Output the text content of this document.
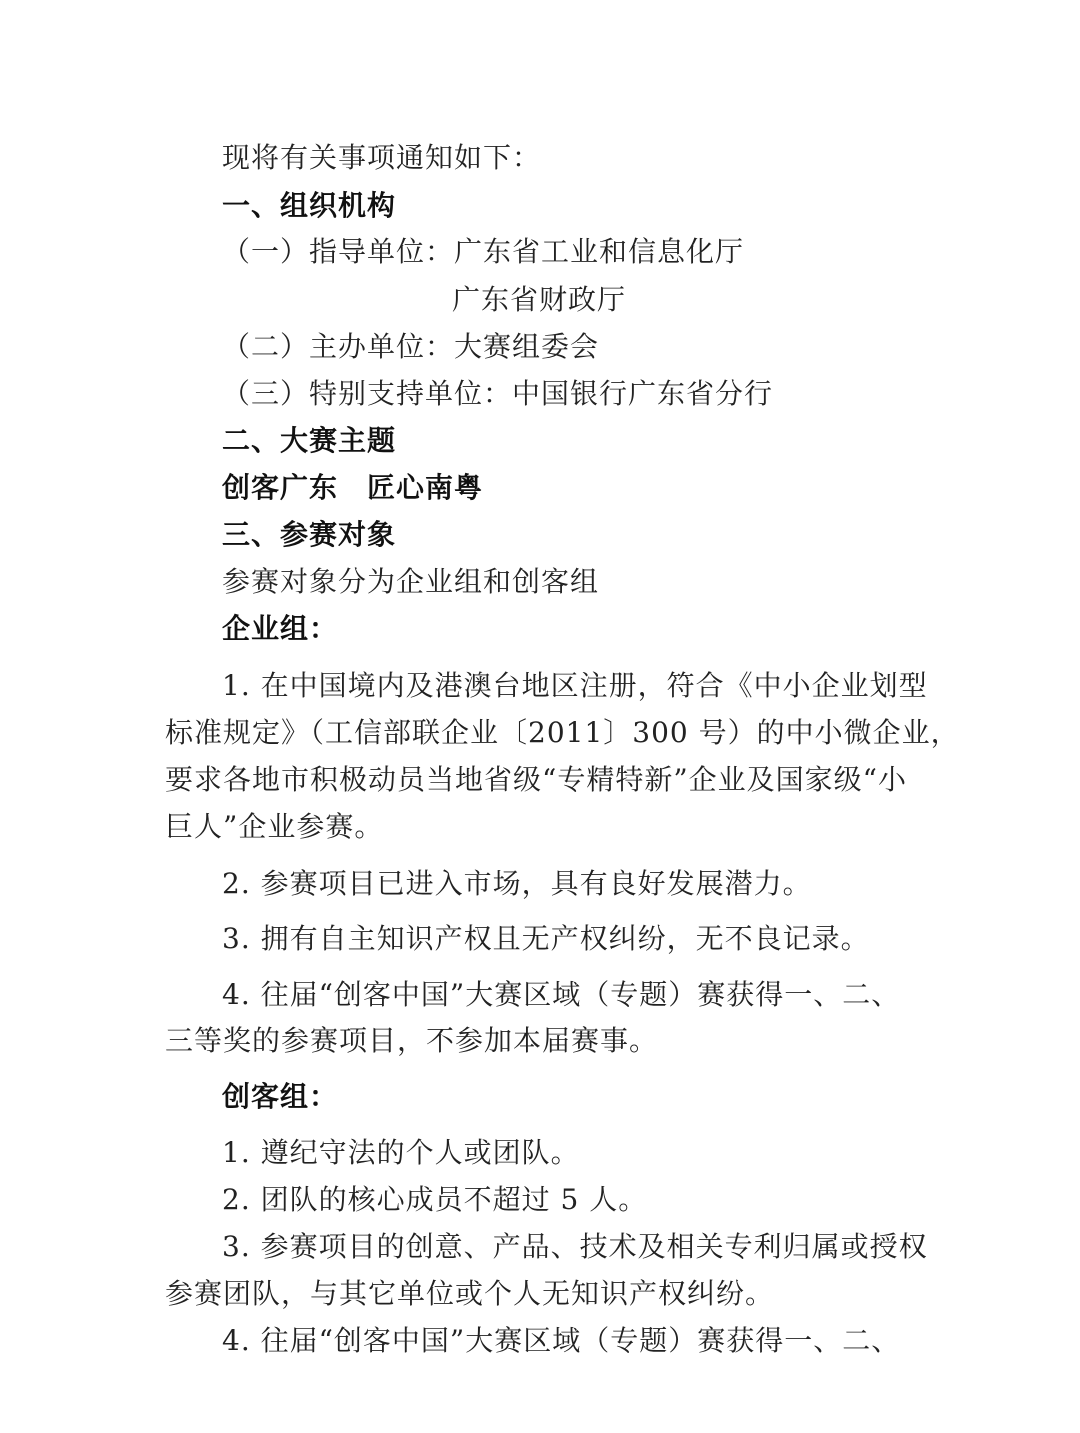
现将有关事项通知如下：
一、组织机构
（一）指导单位：广东省工业和信息化厅
广东省财政厅
（二）主办单位：大赛组委会
（三）特别支持单位：中国银行广东省分行
二、大赛主题
创客广东　匠心南粤
三、参赛对象
参赛对象分为企业组和创客组
企业组：
1. 在中国境内及港澳台地区注册，符合《中小企业划型
标准规定》（工信部联企业〔2011〕300 号）的中小微企业，
要求各地市积极动员当地省级“专精特新”企业及国家级“小
巨人”企业参赛。
2. 参赛项目已进入市场，具有良好发展潜力。
3. 拥有自主知识产权且无产权纠纷，无不良记录。
4. 往届“创客中国”大赛区域（专题）赛获得一、二、
三等奖的参赛项目，不参加本届赛事。
创客组：
1. 遵纪守法的个人或团队。
2. 团队的核心成员不超过 5 人。
3. 参赛项目的创意、产品、技术及相关专利归属或授权
参赛团队，与其它单位或个人无知识产权纠纷。
4. 往届“创客中国”大赛区域（专题）赛获得一、二、
